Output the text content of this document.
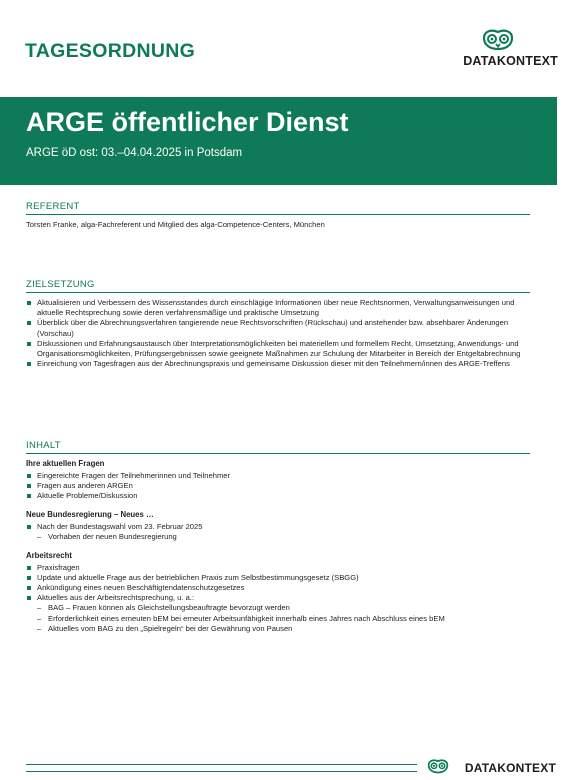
TAGESORDNUNG	DATAKONTEXT
ARGE öffentlicher Dienst
ARGE öD ost: 03.–04.04.2025 in Potsdam
REFERENT
Torsten Franke, alga-Fachreferent und Mitglied des alga-Competence-Centers, München
ZIELSETZUNG
Aktualisieren und Verbessern des Wissensstandes durch einschlägige Informationen über neue Rechtsnormen, Verwaltungsanweisungen und aktuelle Rechtsprechung sowie deren verfahrensmäßige und praktische Umsetzung
Überblick über die Abrechnungsverfahren tangierende neue Rechtsvorschriften (Rückschau) und anstehender bzw. absehbarer Änderungen (Vorschau)
Diskussionen und Erfahrungsaustausch über Interpretationsmöglichkeiten bei materiellem und formellem Recht, Umsetzung, Anwendungs- und Organisationsmöglichkeiten, Prüfungsergebnissen sowie geeignete Maßnahmen zur Schulung der Mitarbeiter in Bereich der Entgeltabrechnung
Einreichung von Tagesfragen aus der Abrechnungspraxis und gemeinsame Diskussion dieser mit den Teilnehmern/innen des ARGE-Treffens
INHALT
Ihre aktuellen Fragen
Eingereichte Fragen der Teilnehmerinnen und Teilnehmer
Fragen aus anderen ARGEn
Aktuelle Probleme/Diskussion
Neue Bundesregierung – Neues …
Nach der Bundestagswahl vom 23. Februar 2025
– Vorhaben der neuen Bundesregierung
Arbeitsrecht
Praxisfragen
Update und aktuelle Frage aus der betrieblichen Praxis zum Selbstbestimmungsgesetz (SBGG)
Ankündigung eines neuen Beschäftigtendatenschutzgesetzes
Aktuelles aus der Arbeitsrechtsprechung, u. a.:
– BAG – Frauen können als Gleichstellungsbeauftragte bevorzugt werden
– Erforderlichkeit eines erneuten bEM bei erneuter Arbeitsunfähigkeit innerhalb eines Jahres nach Abschluss eines bEM
– Aktuelles vom BAG zu den „Spielregeln“ bei der Gewährung von Pausen
DATAKONTEXT
